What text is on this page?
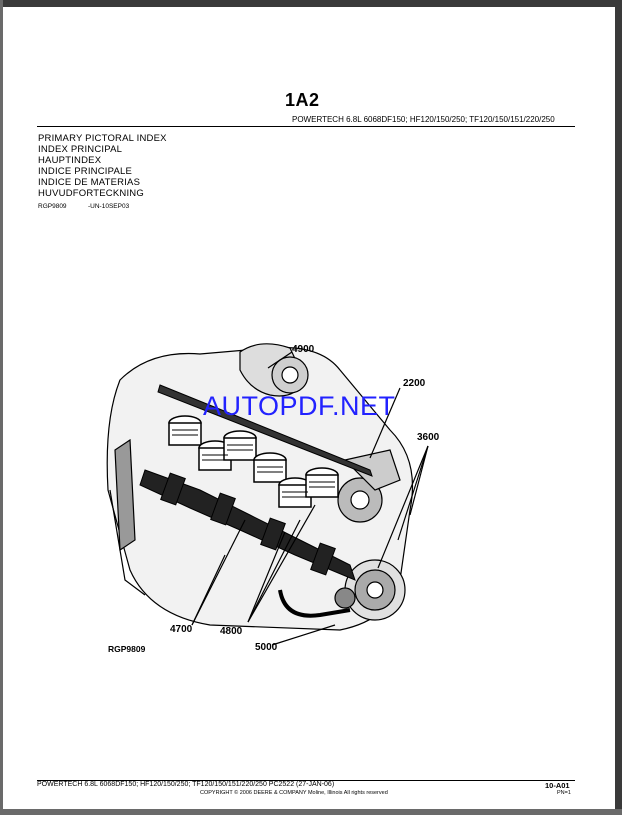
1A2
POWERTECH 6.8L 6068DF150; HF120/150/250; TF120/150/151/220/250
PRIMARY PICTORAL INDEX
INDEX PRINCIPAL
HAUPTINDEX
INDICE PRINCIPALE
INDICE DE MATERIAS
HUVUDFORTECKNING
RGP9809	-UN-10SEP03
4900
2200
3600
4700	4800
5000
RGP9809
AUTOPDF.NET
POWERTECH 6.8L 6068DF150; HF120/150/250; TF120/150/151/220/250 PC2522 (27-JAN-06)
COPYRIGHT © 2006 DEERE & COMPANY Moline, Illinois All rights reserved
10-A01
PN=1
